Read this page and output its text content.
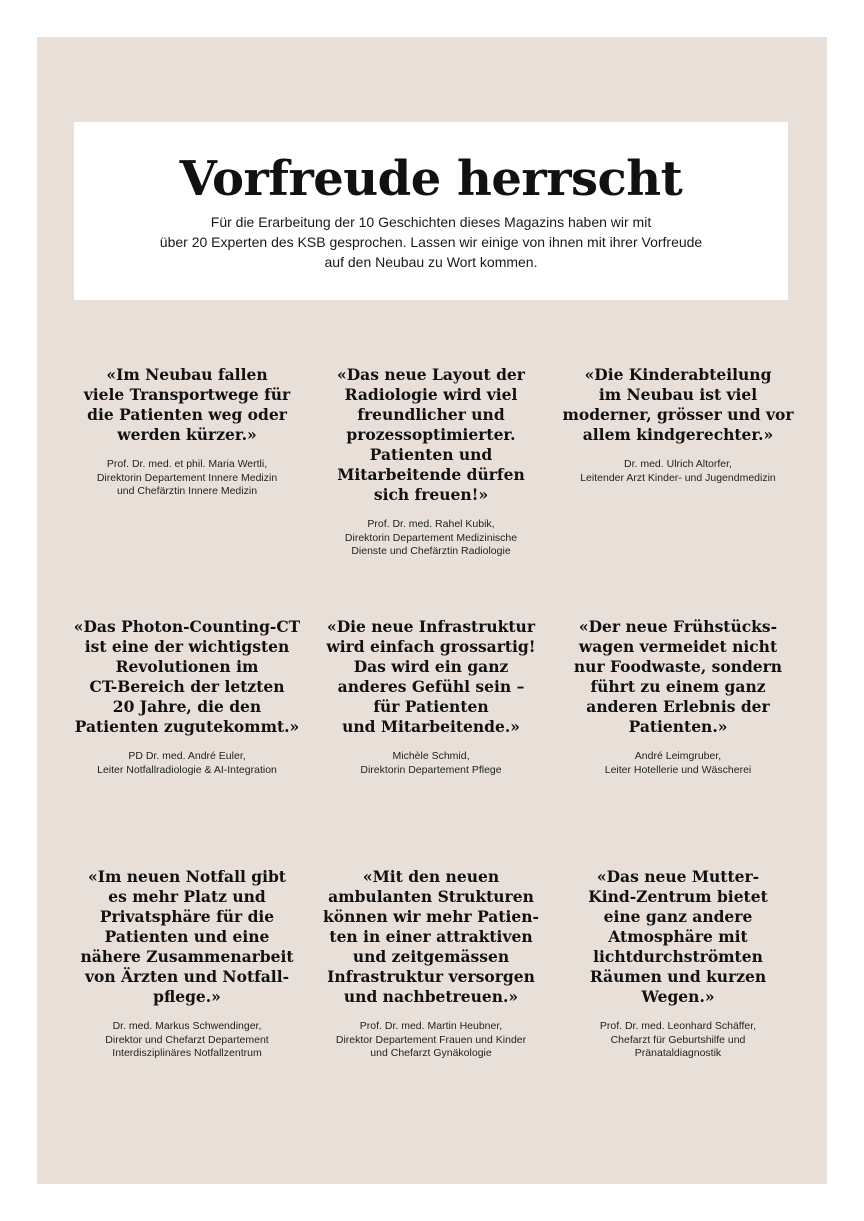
Vorfreude herrscht

Für die Erarbeitung der 10 Geschichten dieses Magazins haben wir mit
über 20 Experten des KSB gesprochen. Lassen wir einige von ihnen mit ihrer Vorfreude
auf den Neubau zu Wort kommen.

«Im Neubau fallen
viele Transportwege für
die Patienten weg oder
werden kürzer.»

Prof. Dr. med. et phil. Maria Wertli,
Direktorin Departement Innere Medizin
und Chefärztin Innere Medizin

«Das neue Layout der
Radiologie wird viel
freundlicher und
prozessoptimierter.
Patienten und
Mitarbeitende dürfen
sich freuen!»

Prof. Dr. med. Rahel Kubik,
Direktorin Departement Medizinische
Dienste und Chefärztin Radiologie

«Die Kinderabteilung
im Neubau ist viel
moderner, grösser und vor
allem kindgerechter.»

Dr. med. Ulrich Altorfer,
Leitender Arzt Kinder- und Jugendmedizin

«Das Photon-Counting-CT
ist eine der wichtigsten
Revolutionen im
CT-Bereich der letzten
20 Jahre, die den
Patienten zugutekommt.»

PD Dr. med. André Euler,
Leiter Notfallradiologie & AI-Integration

«Die neue Infrastruktur
wird einfach grossartig!
Das wird ein ganz
anderes Gefühl sein –
für Patienten
und Mitarbeitende.»

Michèle Schmid,
Direktorin Departement Pflege

«Der neue Frühstücks-
wagen vermeidet nicht
nur Foodwaste, sondern
führt zu einem ganz
anderen Erlebnis der
Patienten.»

André Leimgruber,
Leiter Hotellerie und Wäscherei

«Im neuen Notfall gibt
es mehr Platz und
Privatsphäre für die
Patienten und eine
nähere Zusammenarbeit
von Ärzten und Notfall-
pflege.»

Dr. med. Markus Schwendinger,
Direktor und Chefarzt Departement
Interdisziplinäres Notfallzentrum

«Mit den neuen
ambulanten Strukturen
können wir mehr Patien-
ten in einer attraktiven
und zeitgemässen
Infrastruktur versorgen
und nachbetreuen.»

Prof. Dr. med. Martin Heubner,
Direktor Departement Frauen und Kinder
und Chefarzt Gynäkologie

«Das neue Mutter-
Kind-Zentrum bietet
eine ganz andere
Atmosphäre mit
lichtdurchströmten
Räumen und kurzen
Wegen.»

Prof. Dr. med. Leonhard Schäffer,
Chefarzt für Geburtshilfe und
Pränataldiagnostik
